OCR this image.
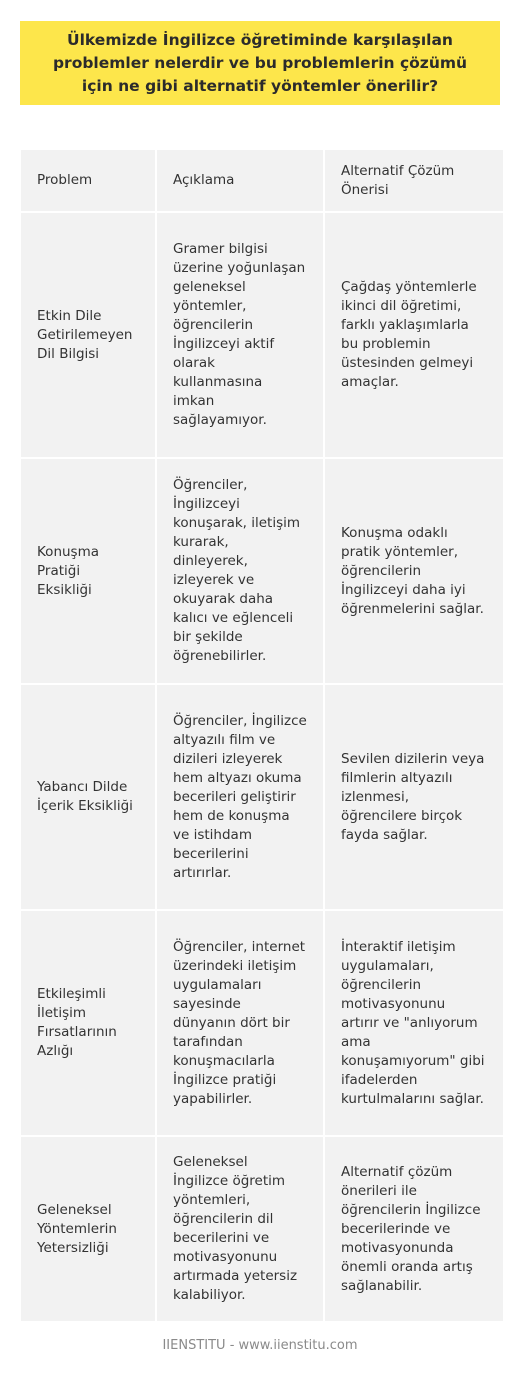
Ülkemizde İngilizce öğretiminde karşılaşılan problemler nelerdir ve bu problemlerin çözümü için ne gibi alternatif yöntemler önerilir?
Problem	Açıklama	Alternatif Çözüm Önerisi
Etkin Dile Getirilemeyen Dil Bilgisi	Gramer bilgisi üzerine yoğunlaşan geleneksel yöntemler, öğrencilerin İngilizceyi aktif olarak kullanmasına imkan sağlayamıyor.	Çağdaş yöntemlerle ikinci dil öğretimi, farklı yaklaşımlarla bu problemin üstesinden gelmeyi amaçlar.
Konuşma Pratiği Eksikliği	Öğrenciler, İngilizceyi konuşarak, iletişim kurarak, dinleyerek, izleyerek ve okuyarak daha kalıcı ve eğlenceli bir şekilde öğrenebilirler.	Konuşma odaklı pratik yöntemler, öğrencilerin İngilizceyi daha iyi öğrenmelerini sağlar.
Yabancı Dilde İçerik Eksikliği	Öğrenciler, İngilizce altyazılı film ve dizileri izleyerek hem altyazı okuma becerileri geliştirir hem de konuşma ve istihdam becerilerini artırırlar.	Sevilen dizilerin veya filmlerin altyazılı izlenmesi, öğrencilere birçok fayda sağlar.
Etkileşimli İletişim Fırsatlarının Azlığı	Öğrenciler, internet üzerindeki iletişim uygulamaları sayesinde dünyanın dört bir tarafından konuşmacılarla İngilizce pratiği yapabilirler.	İnteraktif iletişim uygulamaları, öğrencilerin motivasyonunu artırır ve "anlıyorum ama konuşamıyorum" gibi ifadelerden kurtulmalarını sağlar.
Geleneksel Yöntemlerin Yetersizliği	Geleneksel İngilizce öğretim yöntemleri, öğrencilerin dil becerilerini ve motivasyonunu artırmada yetersiz kalabiliyor.	Alternatif çözüm önerileri ile öğrencilerin İngilizce becerilerinde ve motivasyonunda önemli oranda artış sağlanabilir.
IIENSTITU - www.iienstitu.com
